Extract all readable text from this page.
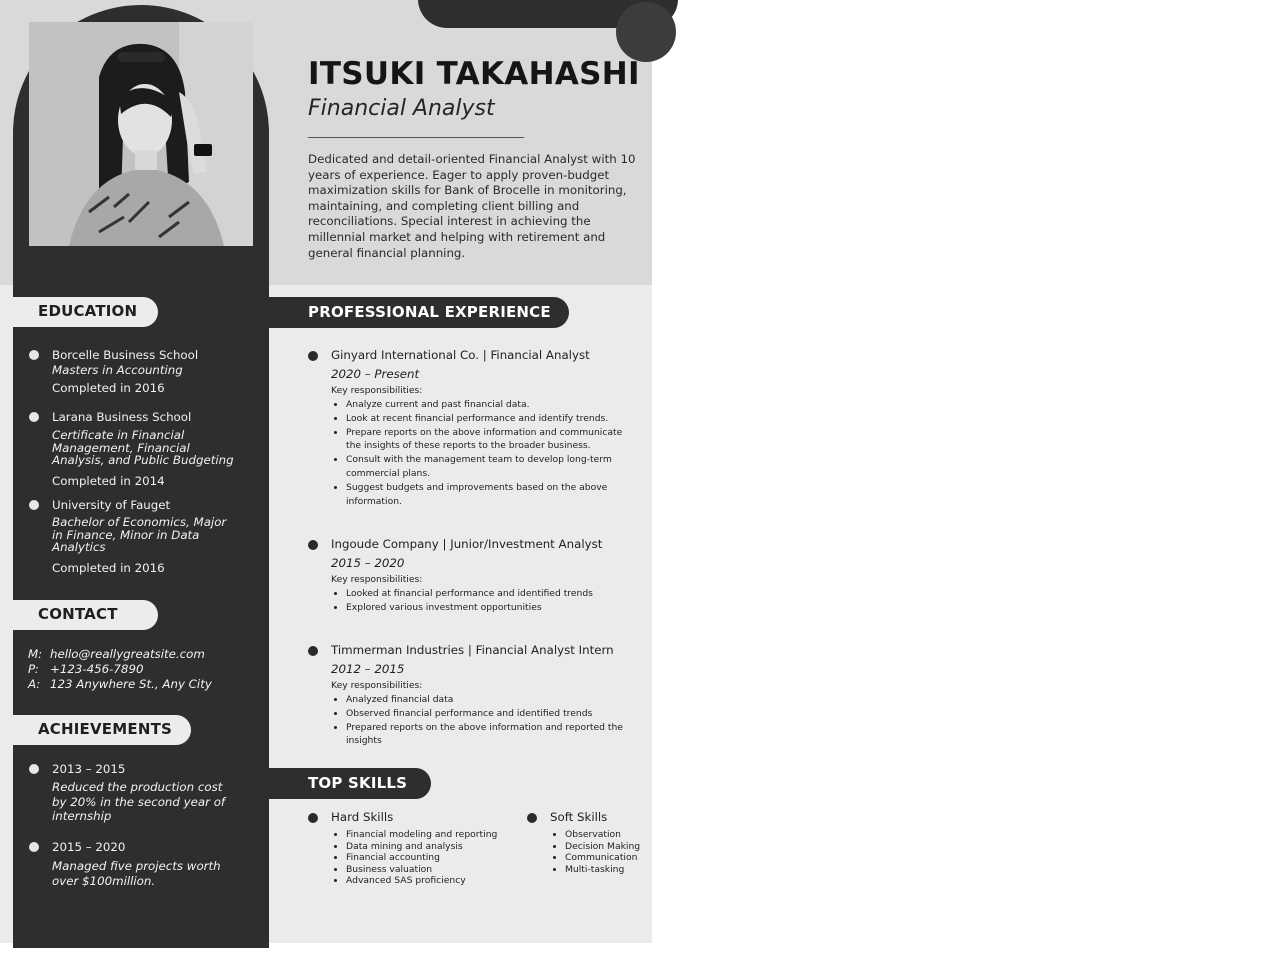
›
ITSUKI TAKAHASHI
Financial Analyst
Dedicated and detail-oriented Financial Analyst with 10 years of experience. Eager to apply proven-budget maximization skills for Bank of Brocelle in monitoring, maintaining, and completing client billing and reconciliations. Special interest in achieving the millennial market and helping with retirement and general financial planning.
EDUCATION
Borcelle Business School
Masters in Accounting
Completed in 2016
Larana Business School
Certificate in Financial Management, Financial Analysis, and Public Budgeting
Completed in 2014
University of Fauget
Bachelor of Economics, Major in Finance, Minor in Data Analytics
Completed in 2016
CONTACT
M: hello@reallygreatsite.com
P: +123-456-7890
A: 123 Anywhere St., Any City
ACHIEVEMENTS
2013 – 2015
Reduced the production cost by 20% in the second year of internship
2015 – 2020
Managed five projects worth over $100million.
PROFESSIONAL EXPERIENCE
Ginyard International Co. | Financial Analyst
2020 – Present
Key responsibilities:
• Analyze current and past financial data.
• Look at recent financial performance and identify trends.
• Prepare reports on the above information and communicate the insights of these reports to the broader business.
• Consult with the management team to develop long-term commercial plans.
• Suggest budgets and improvements based on the above information.
Ingoude Company | Junior/Investment Analyst
2015 – 2020
Key responsibilities:
• Looked at financial performance and identified trends
• Explored various investment opportunities
Timmerman Industries | Financial Analyst Intern
2012 – 2015
Key responsibilities:
• Analyzed financial data
• Observed financial performance and identified trends
• Prepared reports on the above information and reported the insights
TOP SKILLS
Hard Skills
• Financial modeling and reporting
• Data mining and analysis
• Financial accounting
• Business valuation
• Advanced SAS proficiency
Soft Skills
• Observation
• Decision Making
• Communication
• Multi-tasking
